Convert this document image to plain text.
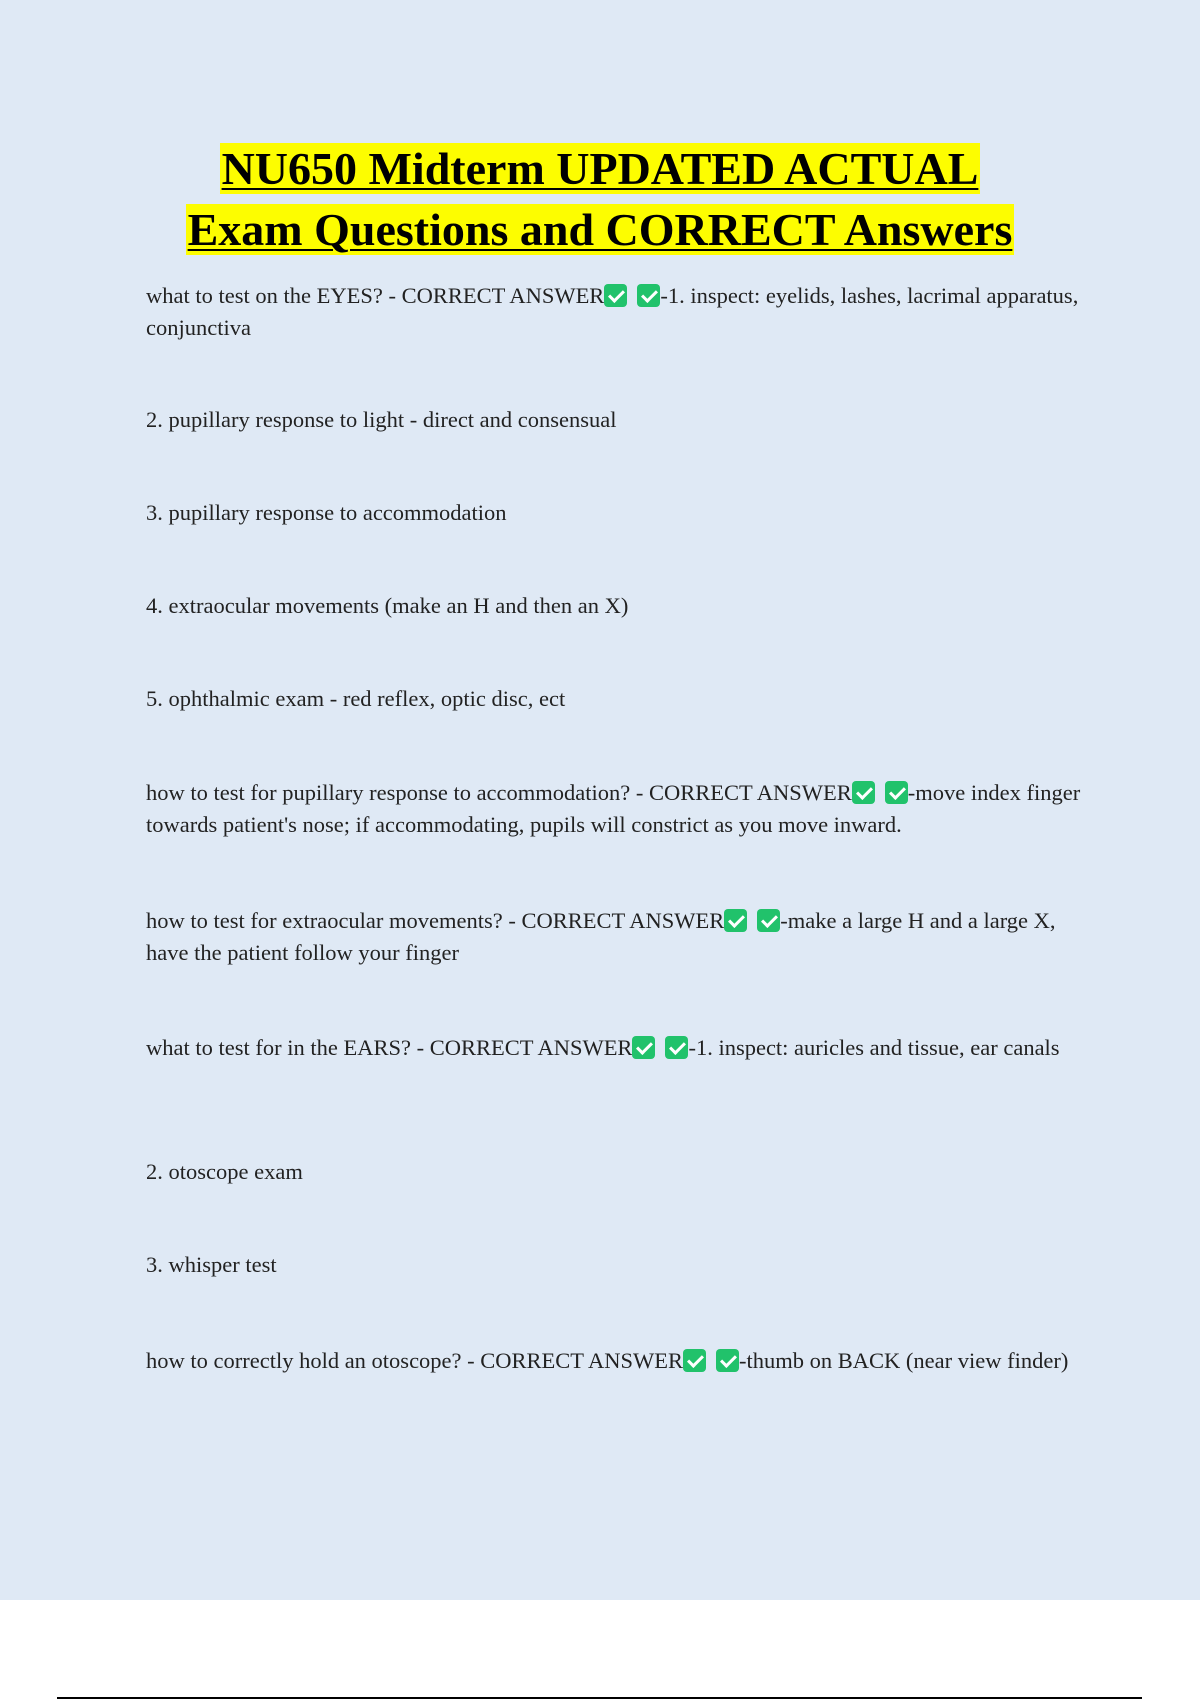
NU650 Midterm UPDATED ACTUAL
Exam Questions and CORRECT Answers

what to test on the EYES? - CORRECT ANSWER -1. inspect: eyelids, lashes, lacrimal apparatus, conjunctiva

2. pupillary response to light - direct and consensual

3. pupillary response to accommodation

4. extraocular movements (make an H and then an X)

5. ophthalmic exam - red reflex, optic disc, ect

how to test for pupillary response to accommodation? - CORRECT ANSWER -move index finger towards patient's nose; if accommodating, pupils will constrict as you move inward.

how to test for extraocular movements? - CORRECT ANSWER -make a large H and a large X, have the patient follow your finger

what to test for in the EARS? - CORRECT ANSWER -1. inspect: auricles and tissue, ear canals

2. otoscope exam

3. whisper test

how to correctly hold an otoscope? - CORRECT ANSWER -thumb on BACK (near view finder)
